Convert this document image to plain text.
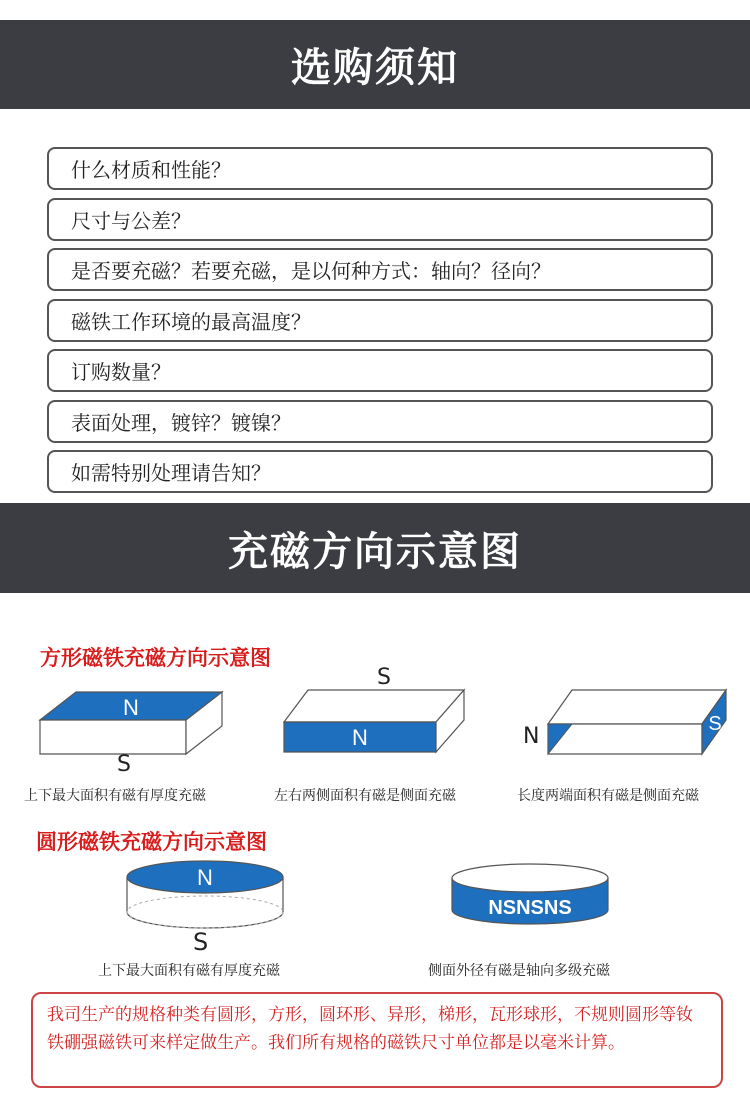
选购须知
什么材质和性能？
尺寸与公差？
是否要充磁？若要充磁，是以何种方式：轴向？径向？
磁铁工作环境的最高温度？
订购数量？
表面处理，镀锌？镀镍？
如需特别处理请告知？
充磁方向示意图
方形磁铁充磁方向示意图
N
S
上下最大面积有磁有厚度充磁
N
S
左右两侧面积有磁是侧面充磁
S
N
长度两端面积有磁是侧面充磁
圆形磁铁充磁方向示意图
N
S
上下最大面积有磁有厚度充磁
NSNSNS
侧面外径有磁是轴向多级充磁
我司生产的规格种类有圆形，方形，圆环形、异形，梯形，瓦形球形，不规则圆形等钕铁硼强磁铁可来样定做生产。我们所有规格的磁铁尺寸单位都是以毫米计算。
